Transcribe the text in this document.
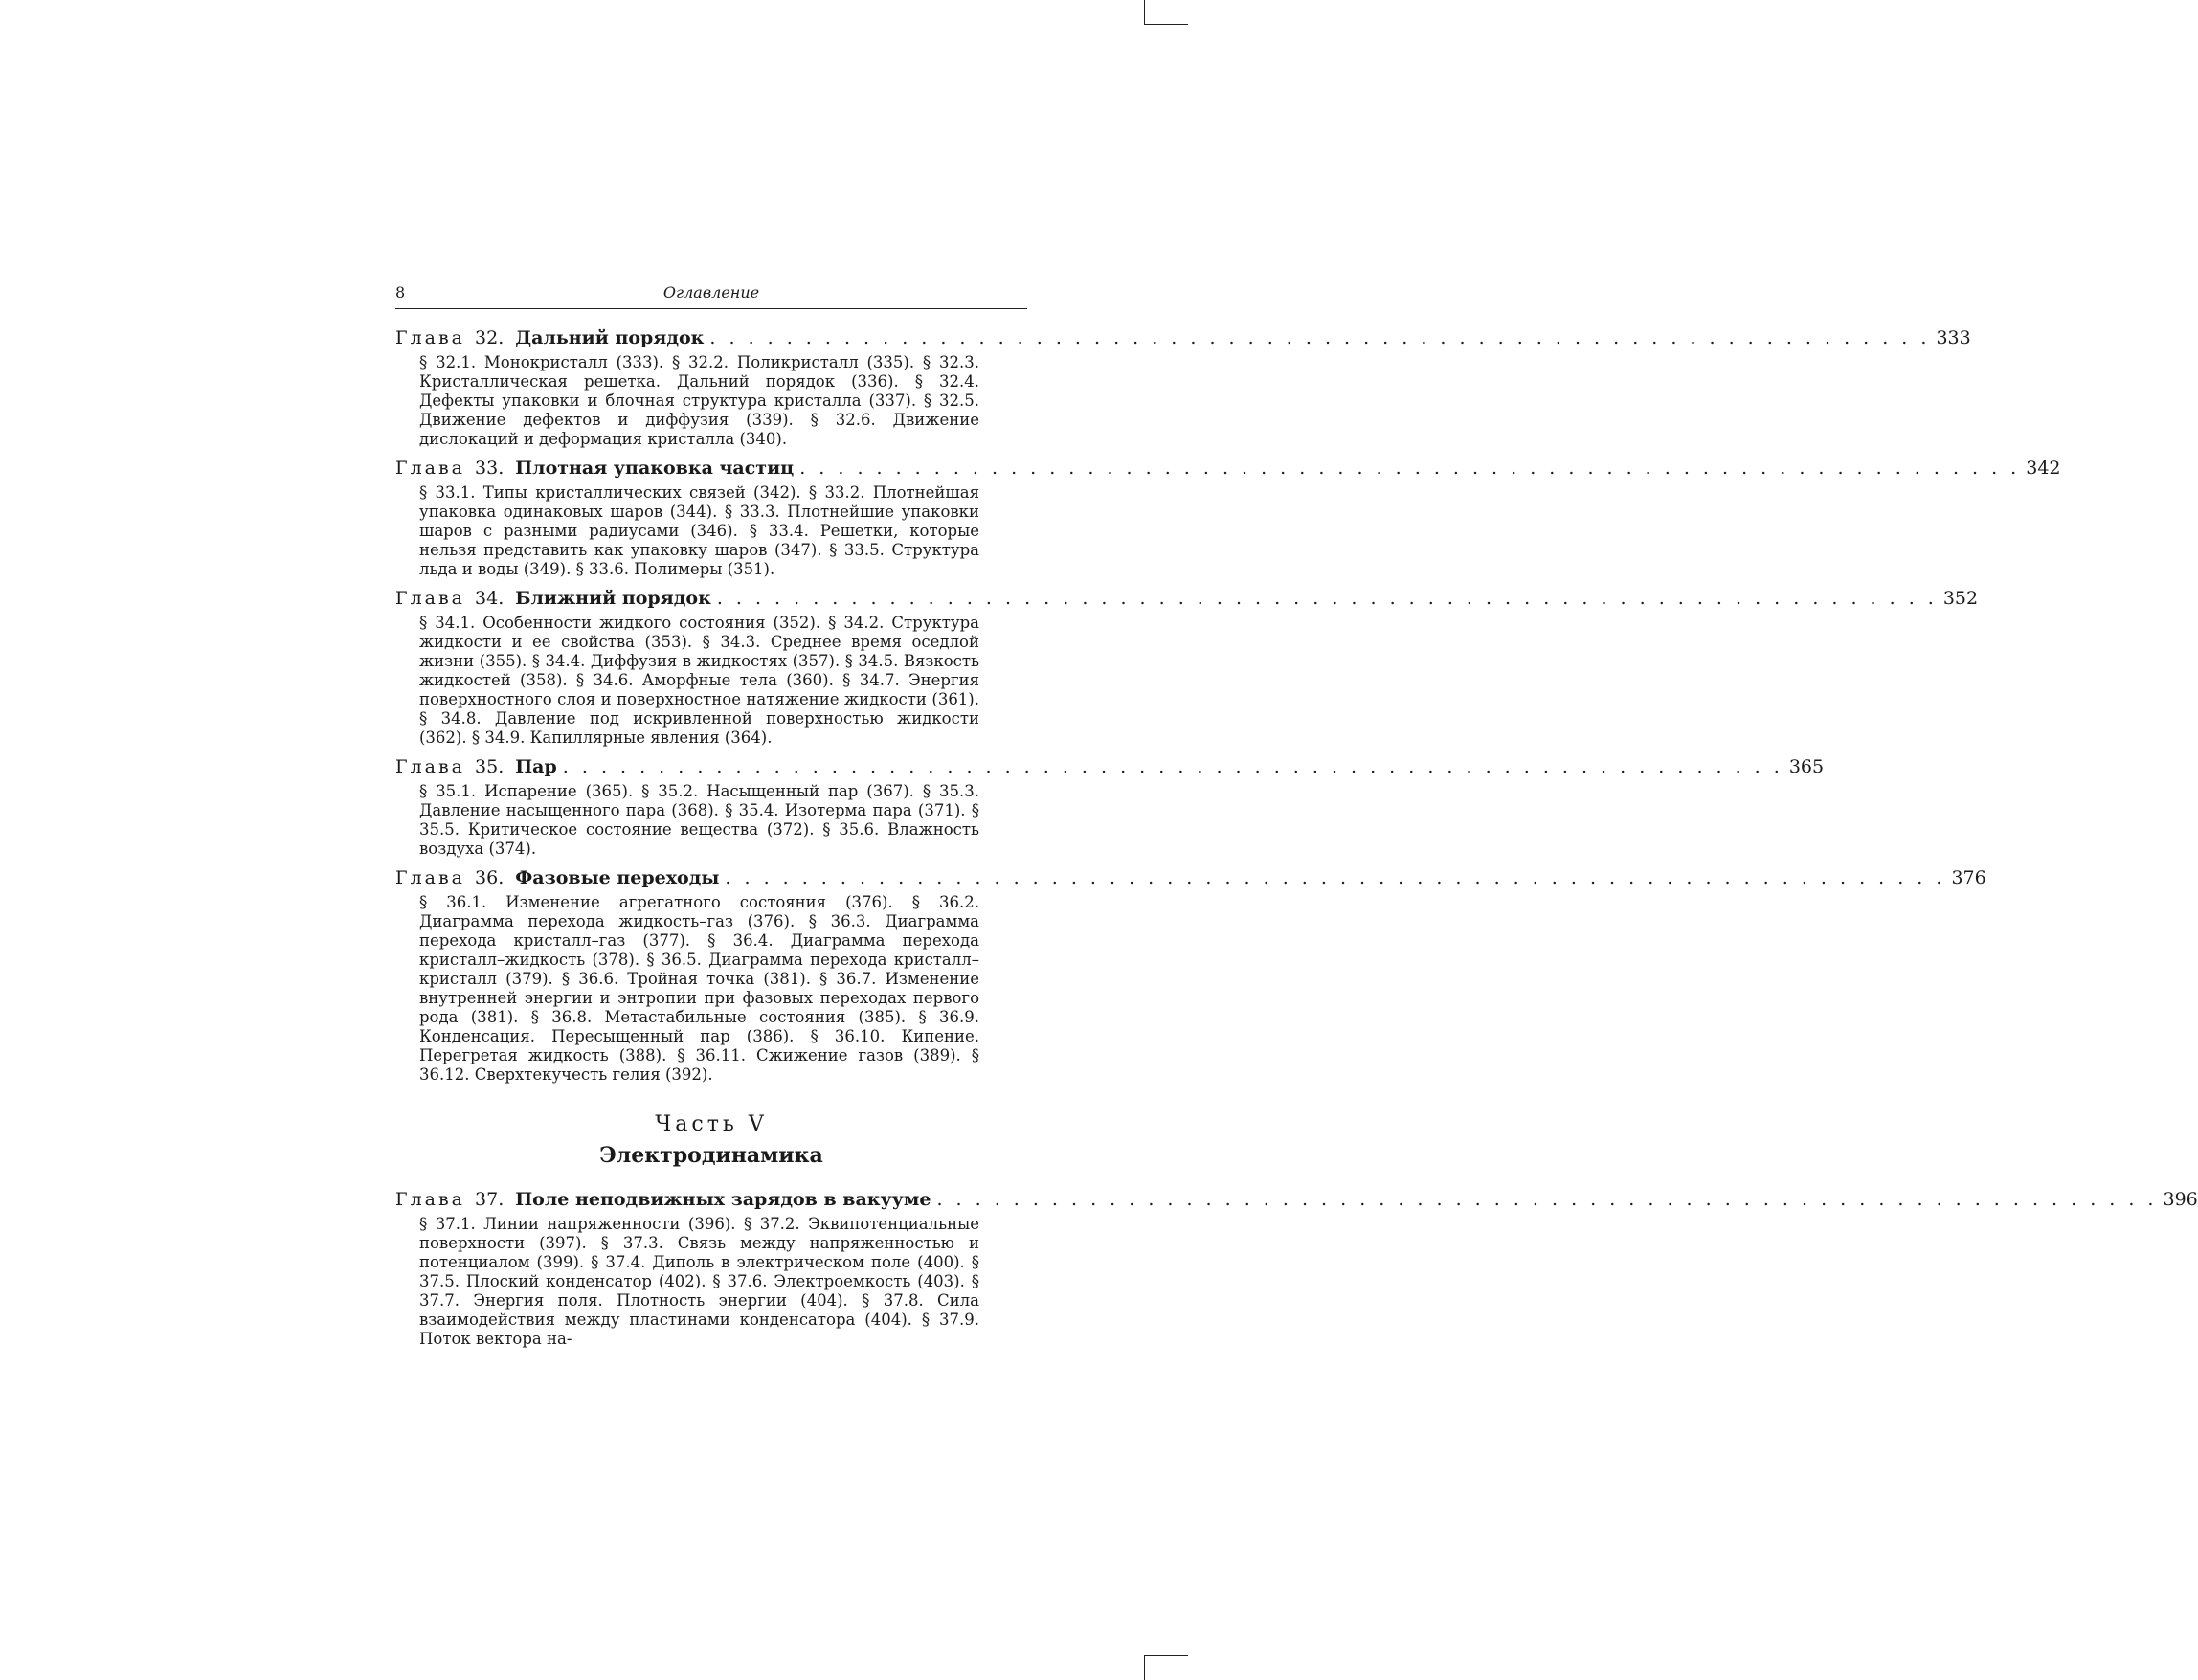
8	Оглавление
Глава 32. Дальний порядок . . . . . . . . . . . . . . . . . . . . . . . . . . . . . . . . . . . . . . . . . . . . . . . . . . . . . . . . . . . . . . . . 333
§ 32.1. Монокристалл (333). § 32.2. Поликристалл (335). § 32.3. Кристаллическая решетка. Дальний порядок (336). § 32.4. Дефекты упаковки и блочная структура кристалла (337). § 32.5. Движение дефектов и диффузия (339). § 32.6. Движение дислокаций и деформация кристалла (340).
Глава 33. Плотная упаковка частиц . . . . . . . . . . . . . . . . . . . . . . . . . . . . . . . . . . . . . . . . . . . . . . . . . . . . . . . . . . . . . . . . 342
§ 33.1. Типы кристаллических связей (342). § 33.2. Плотнейшая упаковка одинаковых шаров (344). § 33.3. Плотнейшие упаковки шаров с разными радиусами (346). § 33.4. Решетки, которые нельзя представить как упаковку шаров (347). § 33.5. Структура льда и воды (349). § 33.6. Полимеры (351).
Глава 34. Ближний порядок . . . . . . . . . . . . . . . . . . . . . . . . . . . . . . . . . . . . . . . . . . . . . . . . . . . . . . . . . . . . . . . . 352
§ 34.1. Особенности жидкого состояния (352). § 34.2. Структура жидкости и ее свойства (353). § 34.3. Среднее время оседлой жизни (355). § 34.4. Диффузия в жидкостях (357). § 34.5. Вязкость жидкостей (358). § 34.6. Аморфные тела (360). § 34.7. Энергия поверхностного слоя и поверхностное натяжение жидкости (361). § 34.8. Давление под искривленной поверхностью жидкости (362). § 34.9. Капиллярные явления (364).
Глава 35. Пар . . . . . . . . . . . . . . . . . . . . . . . . . . . . . . . . . . . . . . . . . . . . . . . . . . . . . . . . . . . . . . . . 365
§ 35.1. Испарение (365). § 35.2. Насыщенный пар (367). § 35.3. Давление насыщенного пара (368). § 35.4. Изотерма пара (371). § 35.5. Критическое состояние вещества (372). § 35.6. Влажность воздуха (374).
Глава 36. Фазовые переходы . . . . . . . . . . . . . . . . . . . . . . . . . . . . . . . . . . . . . . . . . . . . . . . . . . . . . . . . . . . . . . . . 376
§ 36.1. Изменение агрегатного состояния (376). § 36.2. Диаграмма перехода жидкость–газ (376). § 36.3. Диаграмма перехода кристалл–газ (377). § 36.4. Диаграмма перехода кристалл–жидкость (378). § 36.5. Диаграмма перехода кристалл–кристалл (379). § 36.6. Тройная точка (381). § 36.7. Изменение внутренней энергии и энтропии при фазовых переходах первого рода (381). § 36.8. Метастабильные состояния (385). § 36.9. Конденсация. Пересыщенный пар (386). § 36.10. Кипение. Перегретая жидкость (388). § 36.11. Сжижение газов (389). § 36.12. Сверхтекучесть гелия (392).
Часть V
Электродинамика
Глава 37. Поле неподвижных зарядов в вакууме . . . . . . . . . . . . . . . . . . . . . . . . . . . . . . . . . . . . . . . . . . . . . . . . . . . . . . . . . . . . . . . . 396
§ 37.1. Линии напряженности (396). § 37.2. Эквипотенциальные поверхности (397). § 37.3. Связь между напряженностью и потенциалом (399). § 37.4. Диполь в электрическом поле (400). § 37.5. Плоский конденсатор (402). § 37.6. Электроемкость (403). § 37.7. Энергия поля. Плотность энергии (404). § 37.8. Сила взаимодействия между пластинами конденсатора (404). § 37.9. Поток вектора на-
